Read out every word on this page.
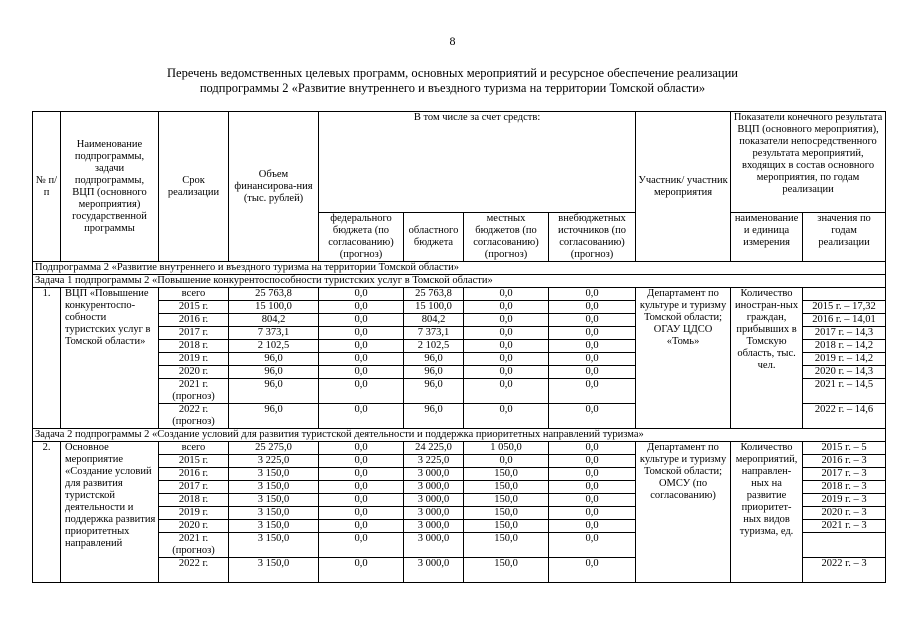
8
Перечень ведомственных целевых программ, основных мероприятий и ресурсное обеспечение реализации
подпрограммы 2 «Развитие внутреннего и въездного туризма на территории Томской области»
№ п/п	Наименование подпрограммы, задачи подпрограммы, ВЦП (основного мероприятия) государственной программы	Срок реализации	Объем финансирова-ния (тыс. рублей)	В том числе за счет средств:				Участник/ участник мероприятия	Показатели конечного результата ВЦП (основного мероприятия), показатели непосредственного результата мероприятий, входящих в состав основного мероприятия, по годам реализации	
				федерального бюджета (по согласованию) (прогноз)	областного бюджета	местных бюджетов (по согласованию) (прогноз)	внебюджетных источников (по согласованию) (прогноз)			
									наименование и единица измерения	значения по годам реализации
Подпрограмма 2 «Развитие внутреннего и въездного туризма на территории Томской области»										
Задача 1 подпрограммы 2 «Повышение конкурентоспособности туристских услуг в Томской области»										
1.	ВЦП «Повышение конкурентоспо-собности туристских услуг в Томской области»	всего	25 763,8	0,0	25 763,8	0,0	0,0	Департамент по культуре и туризму Томской области; ОГАУ ЦДСО «Томь»	Количество иностран-ных граждан, прибывших в Томскую область, тыс. чел.	
		2015 г.	15 100,0	0,0	15 100,0	0,0	0,0			2015 г. – 17,32
		2016 г.	804,2	0,0	804,2	0,0	0,0			2016 г. – 14,01
		2017 г.	7 373,1	0,0	7 373,1	0,0	0,0			2017 г. – 14,3
		2018 г.	2 102,5	0,0	2 102,5	0,0	0,0			2018 г. – 14,2
		2019 г.	96,0	0,0	96,0	0,0	0,0			2019 г. – 14,2
		2020 г.	96,0	0,0	96,0	0,0	0,0			2020 г. – 14,3
		2021 г. (прогноз)	96,0	0,0	96,0	0,0	0,0			2021 г. – 14,5
		2022 г. (прогноз)	96,0	0,0	96,0	0,0	0,0			2022 г. – 14,6
Задача 2 подпрограммы 2 «Создание условий для развития туристской деятельности и поддержка приоритетных направлений туризма»										
2.	Основное мероприятие «Создание условий для развития туристской деятельности и поддержка развития приоритетных направлений	всего	25 275,0	0,0	24 225,0	1 050,0	0,0	Департамент по культуре и туризму Томской области; ОМСУ (по согласованию)	Количество мероприятий, направлен-ных на развитие приоритет-ных видов туризма, ед.	2015 г. – 5
		2015 г.	3 225,0	0,0	3 225,0	0,0	0,0			2016 г. – 3
		2016 г.	3 150,0	0,0	3 000,0	150,0	0,0			2017 г. – 3
		2017 г.	3 150,0	0,0	3 000,0	150,0	0,0			2018 г. – 3
		2018 г.	3 150,0	0,0	3 000,0	150,0	0,0			2019 г. – 3
		2019 г.	3 150,0	0,0	3 000,0	150,0	0,0			2020 г. – 3
		2020 г.	3 150,0	0,0	3 000,0	150,0	0,0			2021 г. – 3
		2021 г. (прогноз)	3 150,0	0,0	3 000,0	150,0	0,0			
		2022 г.	3 150,0	0,0	3 000,0	150,0	0,0			2022 г. – 3
